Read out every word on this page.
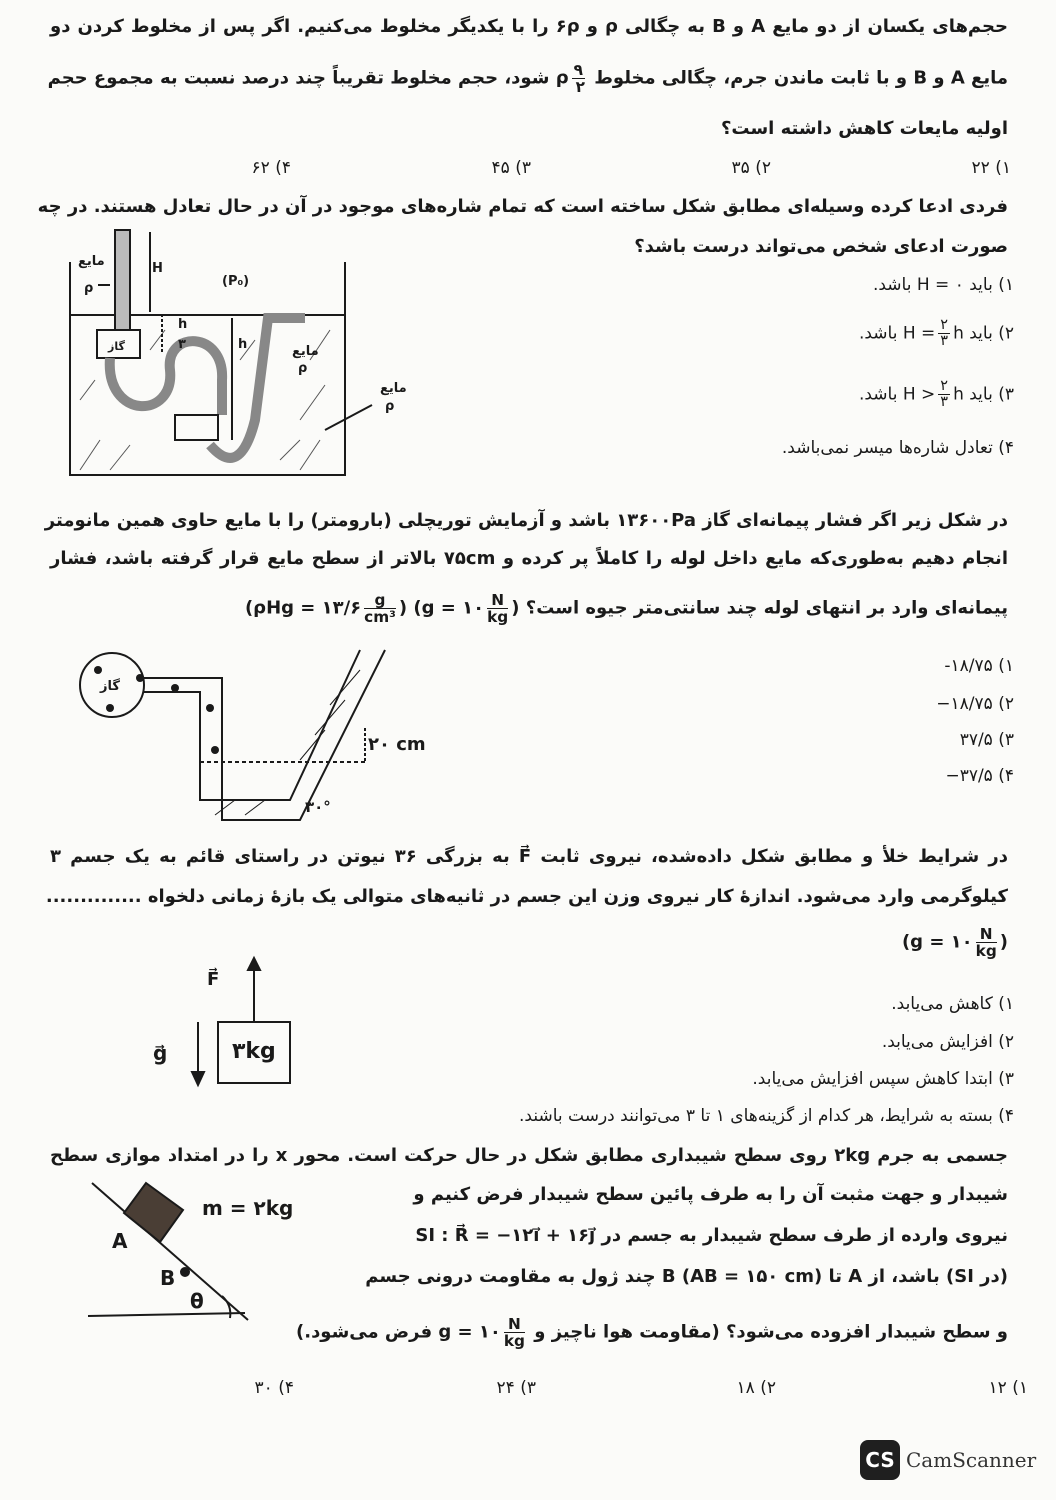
حجم‌های یکسان از دو مایع A و B به چگالی ρ و ۶ρ را با یکدیگر مخلوط می‌کنیم. اگر پس از مخلوط کردن دو
مایع A و B و با ثابت ماندن جرم، چگالی مخلوط
$\frac{۹}{۲}$
ρ شود، حجم مخلوط تقریباً چند درصد نسبت به مجموع حجم
اولیه مایعات کاهش داشته است؟
۱) ۲۲
۲) ۳۵
۳) ۴۵
۴) ۶۲
فردی ادعا کرده وسیله‌ای مطابق شکل ساخته است که تمام شاره‌های موجود در آن در حال تعادل هستند. در چه
صورت ادعای شخص می‌تواند درست باشد؟
۱) باید H = ۰ باشد.
۲) باید $H = \frac{۲}{۳}$ h باشد.
۳) باید $H > \frac{۲}{۳}$ h باشد.
۴) تعادل شاره‌ها میسر نمی‌باشد.
مایع
ρ
H
(P₀)
h
۳	h
گاز	مایع
ρ
مایع
ρ
گاز
۲۰ cm
۳۰°
F⃗
g⃗	۳kg
m = ۲kg
A
B
θ
در شکل زیر اگر فشار پیمانه‌ای گاز ۱۳۶۰۰Pa باشد و آزمایش توریچلی (بارومتر) را با مایع حاوی همین مانومتر
انجام دهیم به‌طوری‌که مایع داخل لوله را کاملاً پر کرده و ۷۵cm بالاتر از سطح مایع قرار گرفته باشد، فشار
پیمانه‌ای وارد بر انتهای لوله چند سانتی‌متر جیوه است؟ (g = ۱۰ $\frac{N}{kg}$ ) (ρHg = ۱۳/۶ $\frac{g}{\text{cm³}}$ )
۱) ۱۸/۷۵-
۲) ۱۸/۷۵−
۳) ۳۷/۵
۴) ۳۷/۵−
در شرایط خلأ و مطابق شکل داده‌شده، نیروی ثابت F⃗ به بزرگی ۳۶ نیوتن در راستای قائم به یک جسم ۳
کیلوگرمی وارد می‌شود. اندازهٔ کار نیروی وزن این جسم در ثانیه‌های متوالی یک بازهٔ زمانی دلخواه ..............
(g = ۱۰ $\frac{N}{kg}$ )
۱) کاهش می‌یابد.
۲) افزایش می‌یابد.
۳) ابتدا کاهش سپس افزایش می‌یابد.
۴) بسته به شرایط، هر کدام از گزینه‌های ۱ تا ۳ می‌توانند درست باشند.
جسمی به جرم ۲kg روی سطح شیبداری مطابق شکل در حال حرکت است. محور x را در امتداد موازی سطح
شیبدار و جهت مثبت آن را به طرف پائین سطح شیبدار فرض کنیم و
نیروی وارده از طرف سطح شیبدار به جسم در SI : R⃗ = −۱۲i⃗ + ۱۶j⃗
(در SI) باشد، از A تا B (AB = ۱۵۰ cm) چند ژول به مقاومت درونی جسم
و سطح شیبدار افزوده می‌شود؟ (مقاومت هوا ناچیز و g = ۱۰ $\frac{N}{kg}$
فرض می‌شود.)
۱) ۱۲
۲) ۱۸
۳) ۲۴
۴) ۳۰
CS CamScanner
